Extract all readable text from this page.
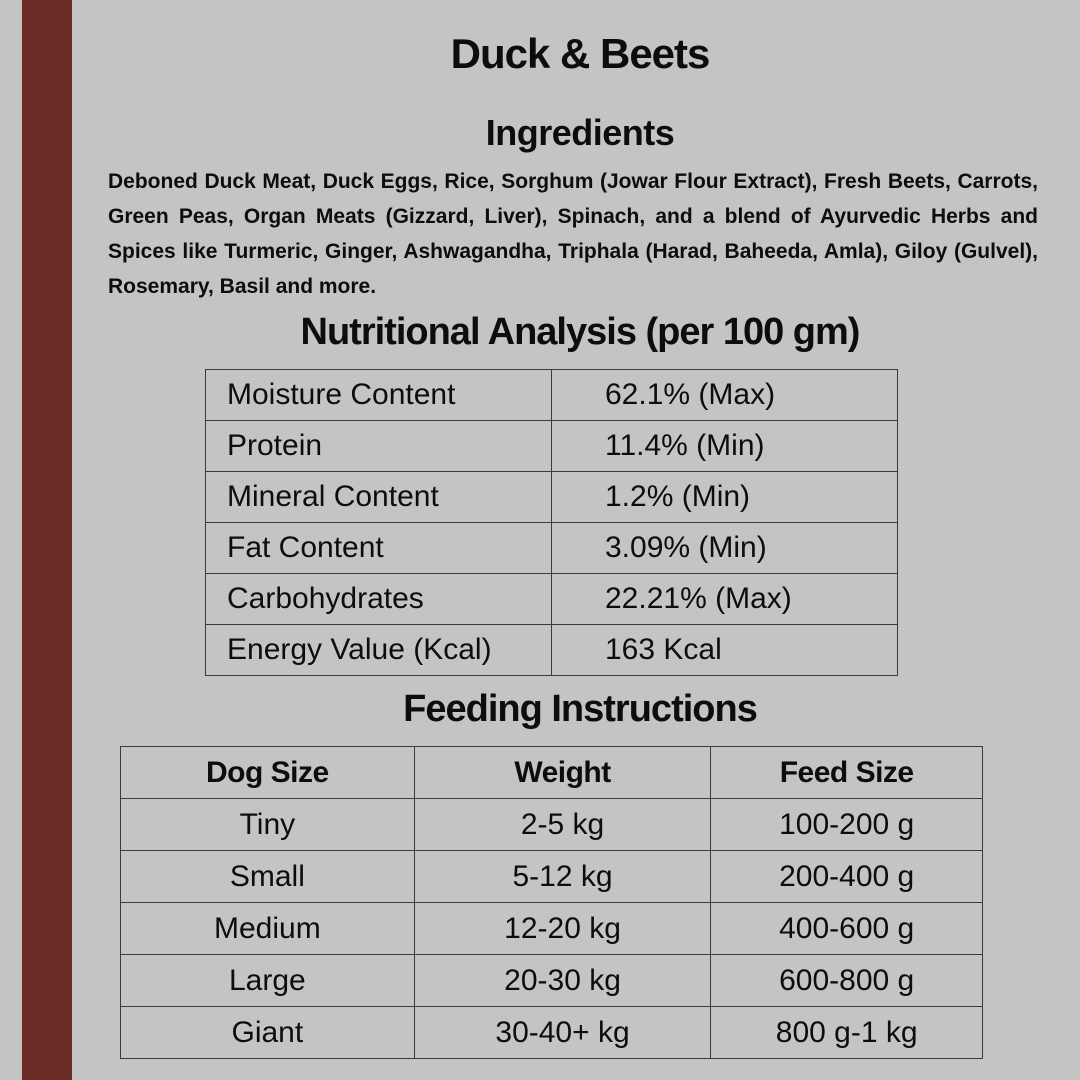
Duck & Beets
Ingredients

Deboned Duck Meat, Duck Eggs, Rice, Sorghum (Jowar Flour Extract), Fresh Beets, Carrots, Green Peas, Organ Meats (Gizzard, Liver), Spinach, and a blend of Ayurvedic Herbs and Spices like Turmeric, Ginger, Ashwagandha, Triphala (Harad, Baheeda, Amla), Giloy (Gulvel), Rosemary, Basil and more.

Nutritional Analysis (per 100 gm)
Moisture Content	62.1% (Max)
Protein	11.4% (Min)
Mineral Content	1.2% (Min)
Fat Content	3.09% (Min)
Carbohydrates	22.21% (Max)
Energy Value (Kcal)	163 Kcal
Feeding Instructions
Dog Size	Weight	Feed Size
Tiny	2-5 kg	100-200 g
Small	5-12 kg	200-400 g
Medium	12-20 kg	400-600 g
Large	20-30 kg	600-800 g
Giant	30-40+ kg	800 g-1 kg
